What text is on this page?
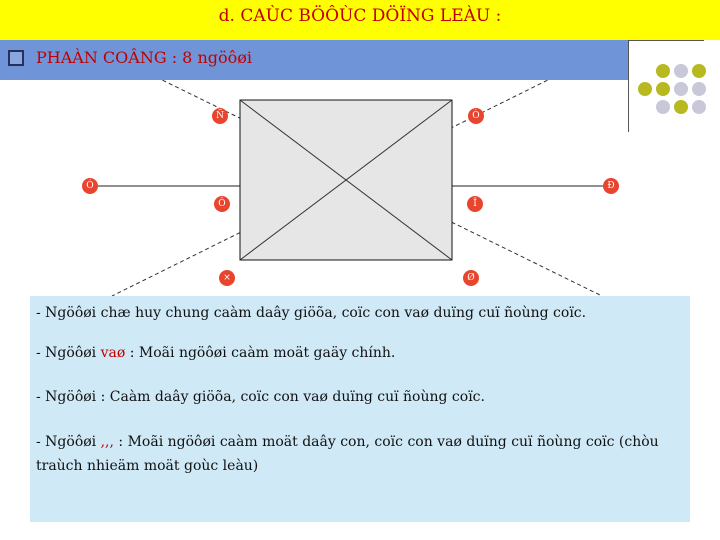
d. CAÙC BÖÔÙC DÖÏNG LEÀU :
PHAÀN COÂNG : 8 ngöôøi
Ó
Ô	Ï
Ð
Ñ	Ò
×	Ø
- Ngöôøi chæ huy chung caàm daây giöõa, coïc con vaø duïng cuï ñoùng coïc.
- Ngöôøi vaø : Moãi ngöôøi caàm moät gaäy chính.
- Ngöôøi : Caàm daây giöõa, coïc con vaø duïng cuï ñoùng coïc.
- Ngöôøi ,,, : Moãi ngöôøi caàm moät daây con, coïc con vaø duïng cuï ñoùng coïc (chòu traùch nhieäm moät goùc leàu)
